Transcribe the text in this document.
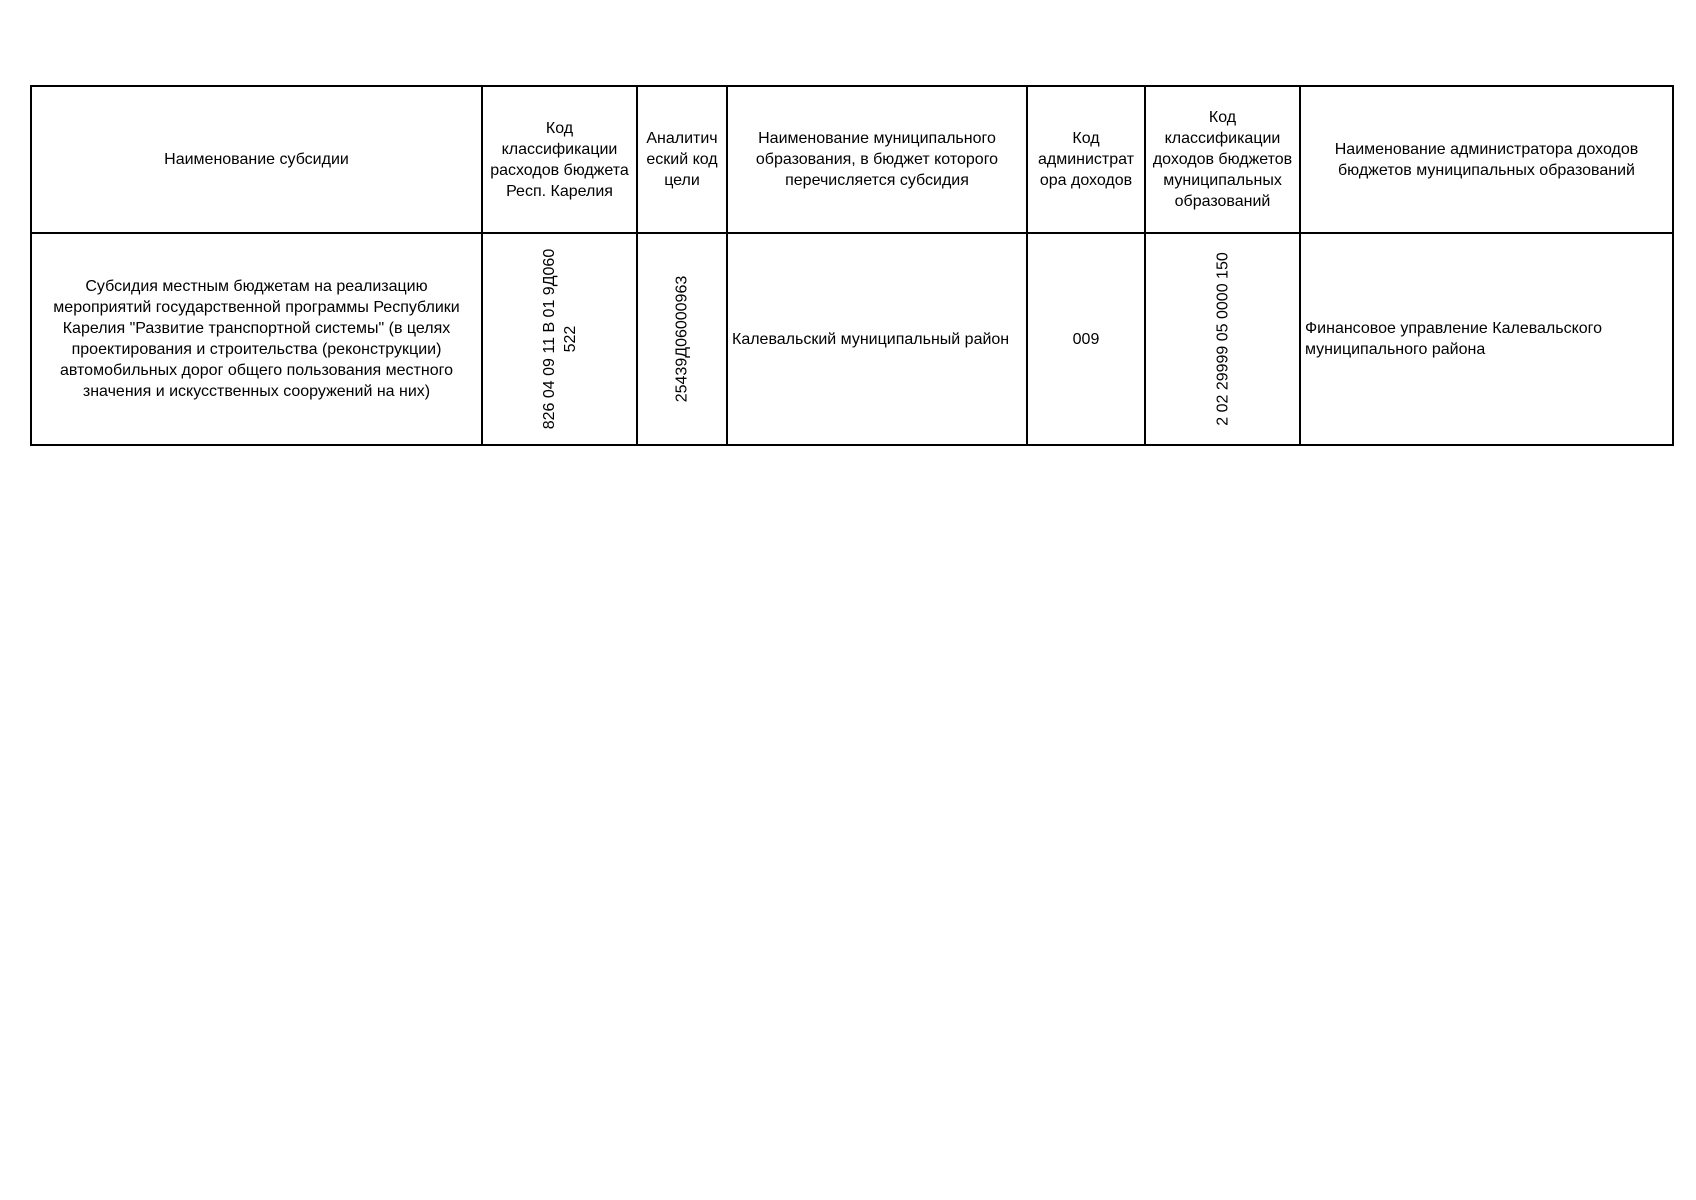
Наименование субсидии	Код классификации расходов бюджета Респ. Карелия	Аналитич еский код цели	Наименование муниципального образования, в бюджет которого перечисляется субсидия	Код администрат ора доходов	Код классификации доходов бюджетов муниципальных образований	Наименование администратора доходов бюджетов муниципальных образований
Субсидия местным бюджетам на реализацию мероприятий государственной программы Республики Карелия "Развитие транспортной системы" (в целях проектирования и строительства (реконструкции) автомобильных дорог общего пользования местного значения и искусственных сооружений на них)	826 04 09 11 В 01 9Д060 522	25439Д06000963	Калевальский муниципальный район	009	2 02 29999 05 0000 150	Финансовое управление Калевальского муниципального района
